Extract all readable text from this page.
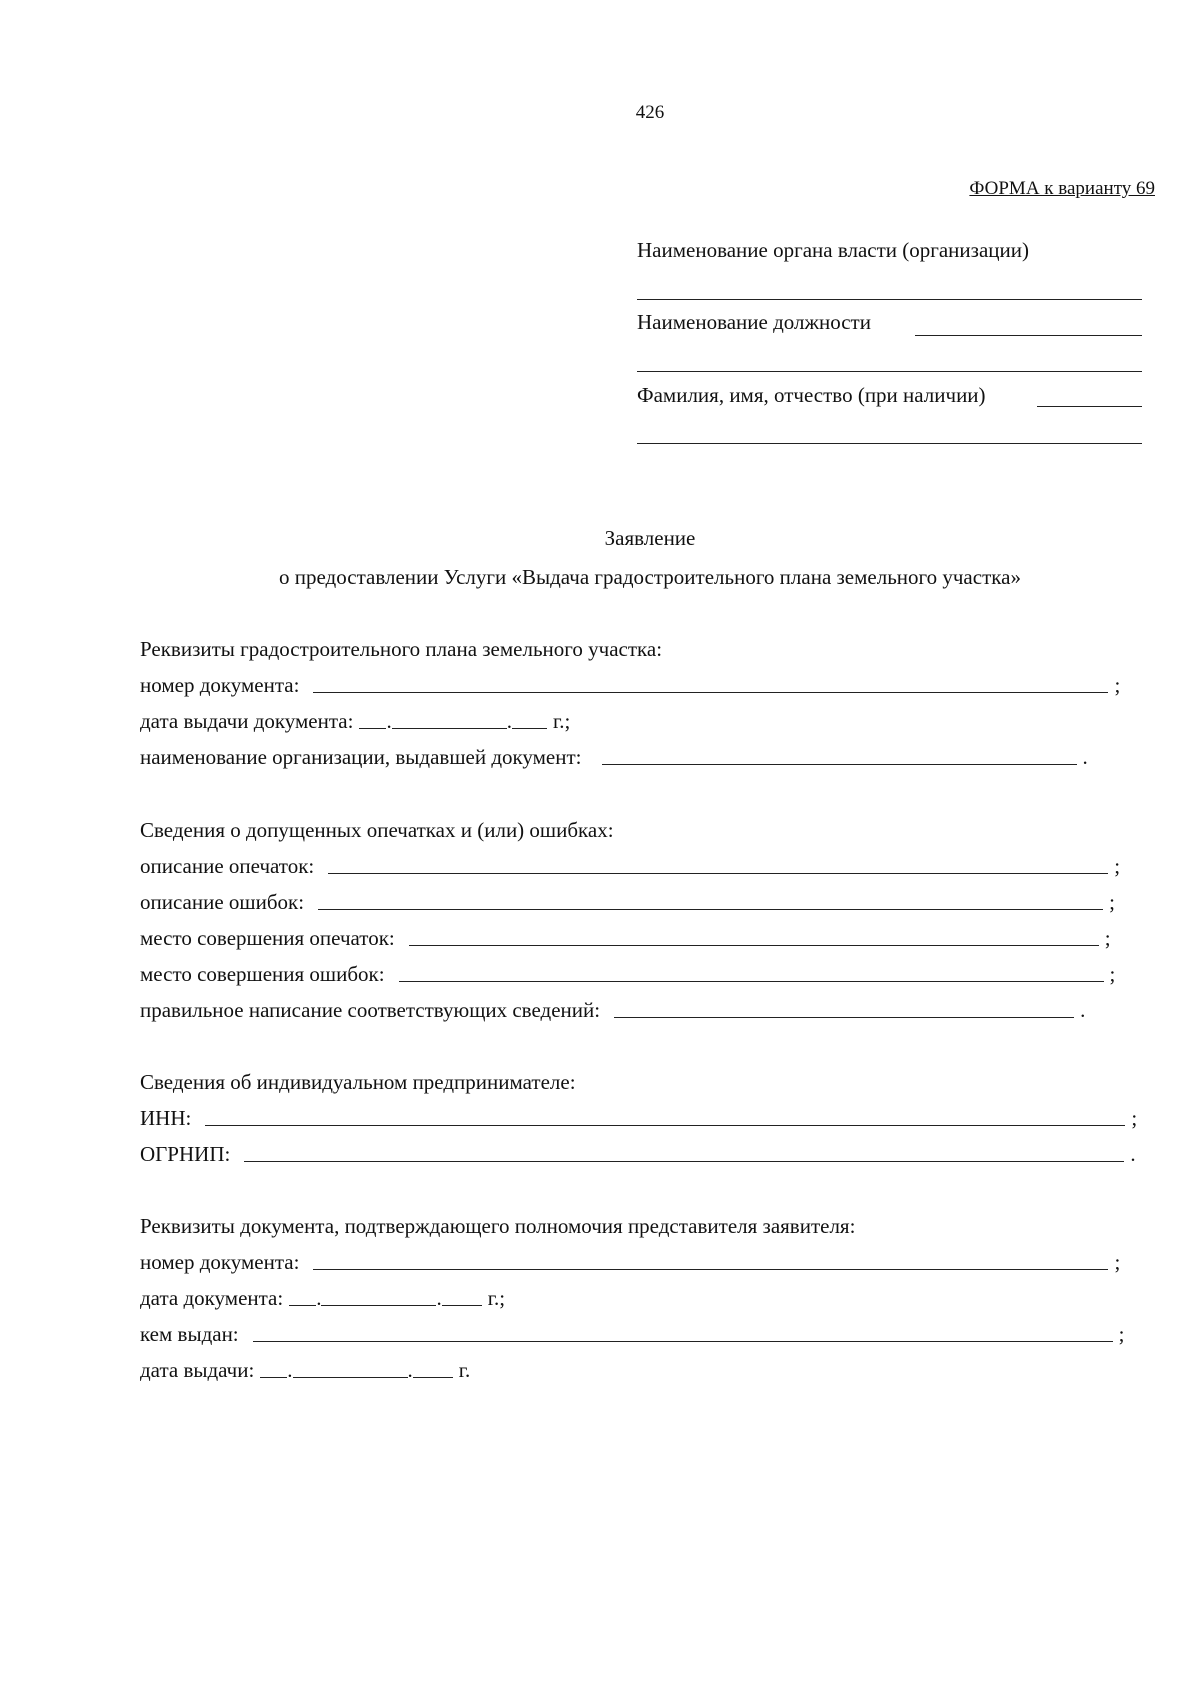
426
ФОРМА к варианту 69
Наименование органа власти (организации)
Наименование должности
Фамилия, имя, отчество (при наличии)
Заявление
о предоставлении Услуги «Выдача градостроительного плана земельного участка»
Реквизиты градостроительного плана земельного участка:
номер документа:	;
дата выдачи документа: .	. г.;
наименование организации, выдавшей документ:	.
Сведения о допущенных опечатках и (или) ошибках:
описание опечаток:	;
описание ошибок:	;
место совершения опечаток:	;
место совершения ошибок:	;
правильное написание соответствующих сведений:	.
Сведения об индивидуальном предпринимателе:
ИНН:	;
ОГРНИП:	.
Реквизиты документа, подтверждающего полномочия представителя заявителя:
номер документа:	;
дата документа: .	. г.;
кем выдан:	;
дата выдачи: .	. г.
